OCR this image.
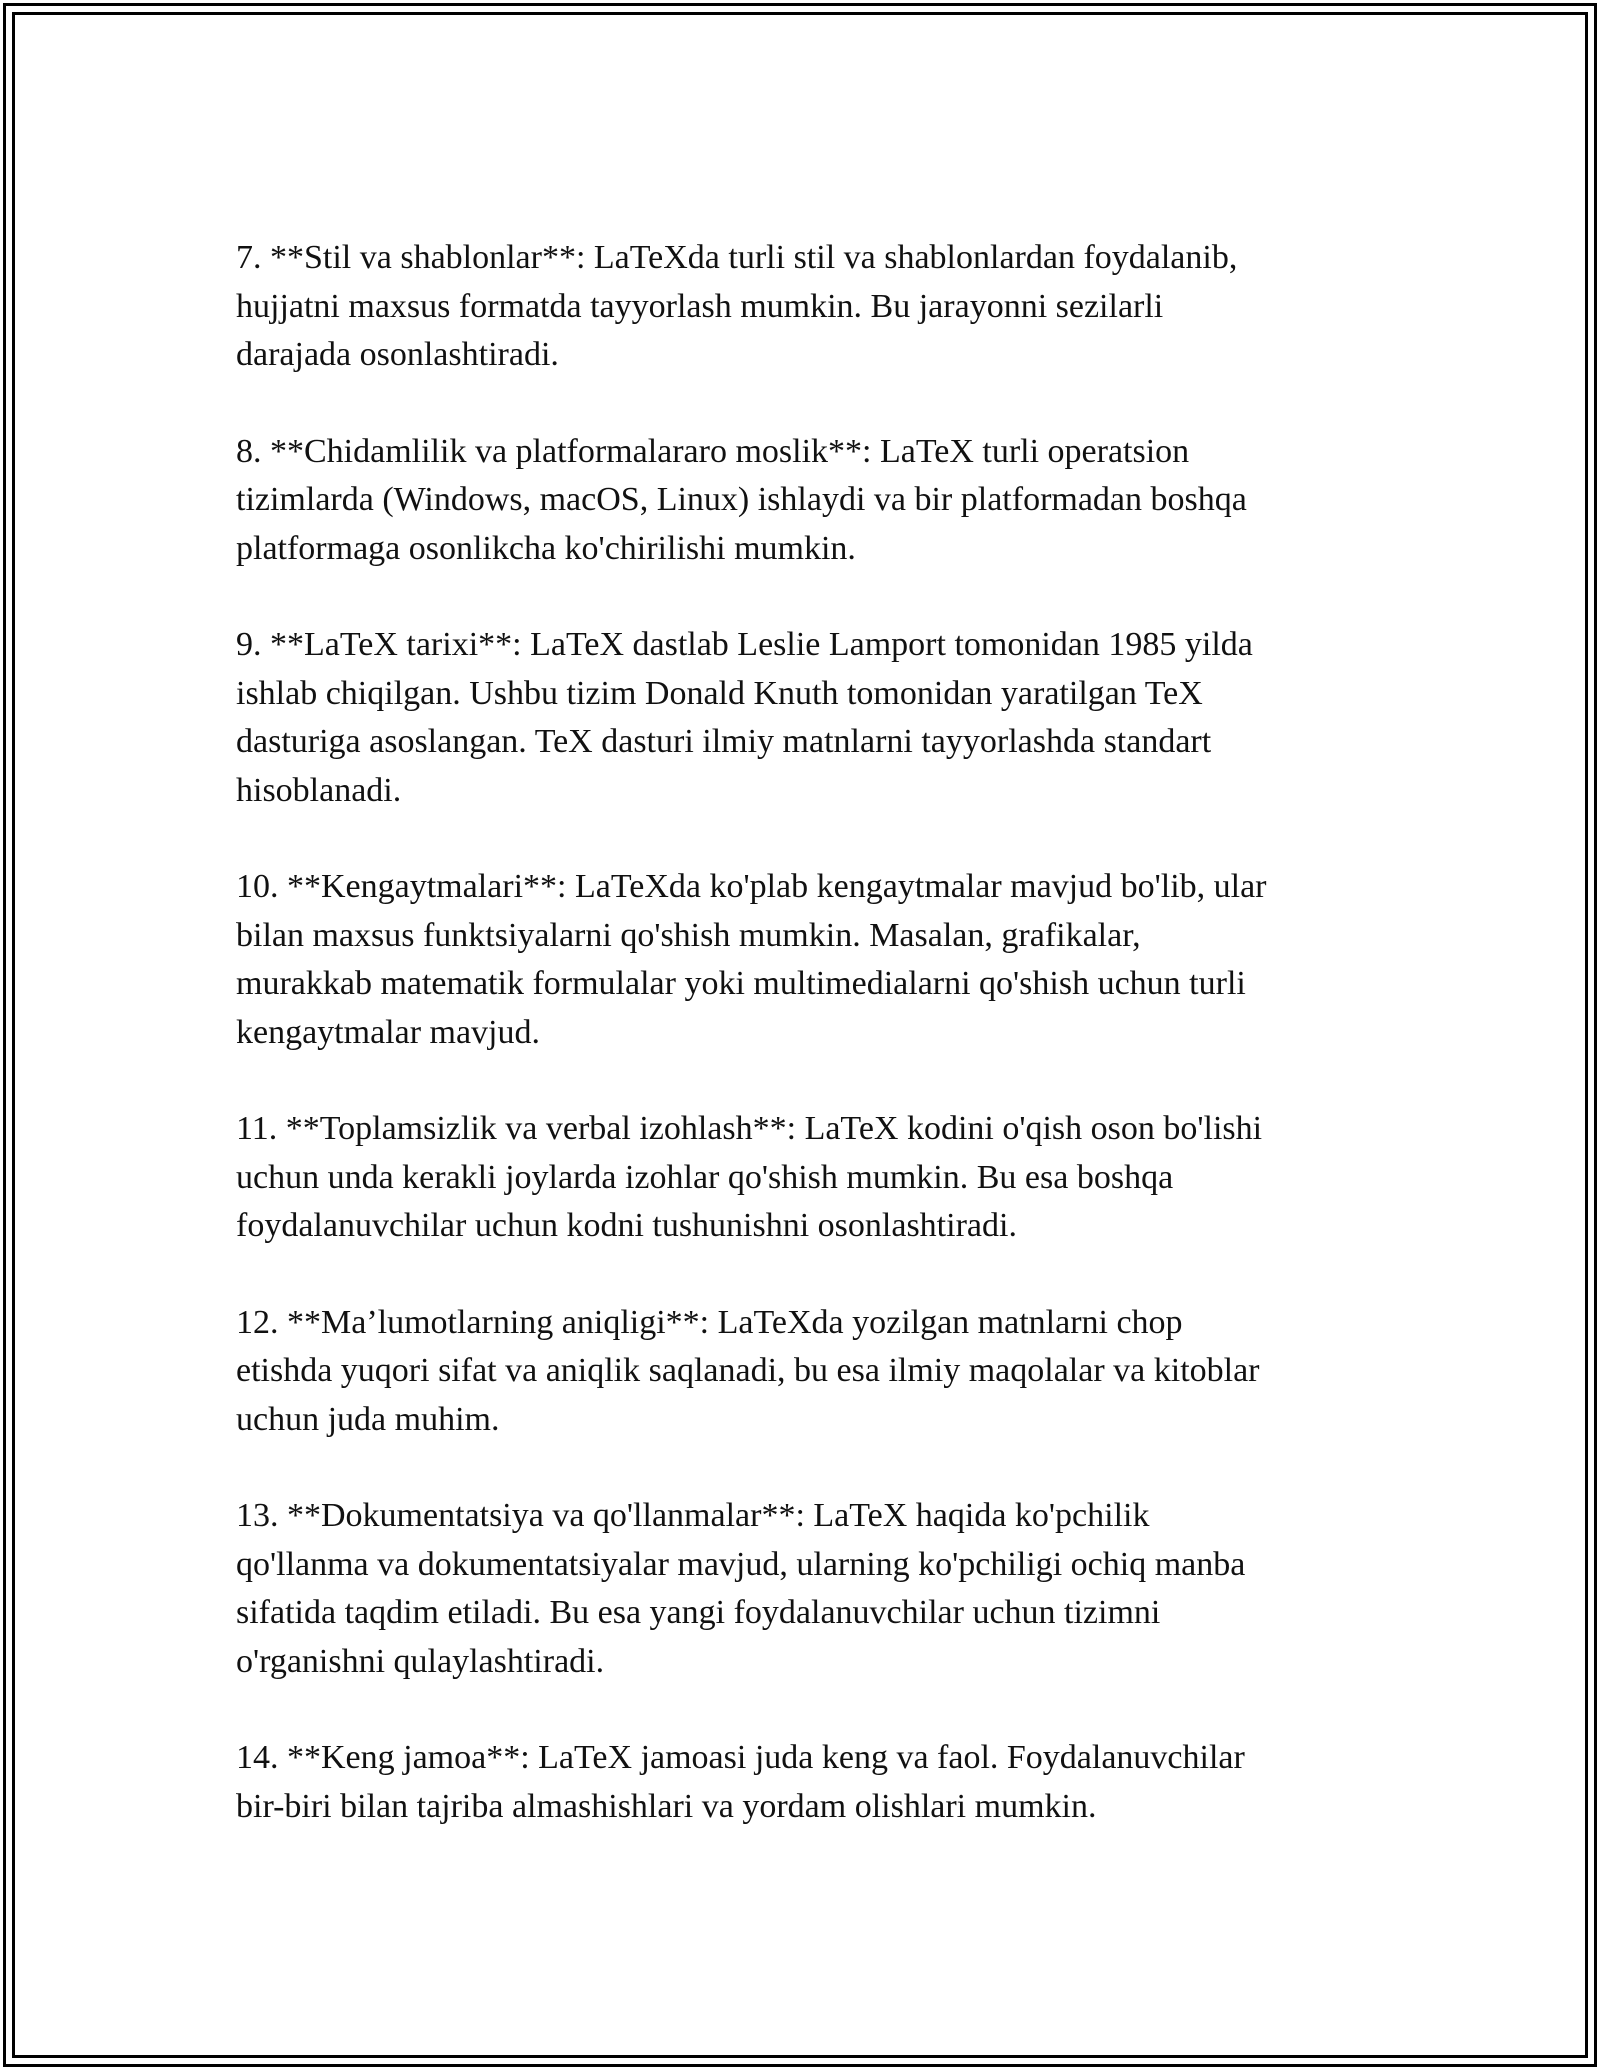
7. **Stil va shablonlar**: LaTeXda turli stil va shablonlardan foydalanib,
hujjatni maxsus formatda tayyorlash mumkin. Bu jarayonni sezilarli
darajada osonlashtiradi.

8. **Chidamlilik va platformalararo moslik**: LaTeX turli operatsion
tizimlarda (Windows, macOS, Linux) ishlaydi va bir platformadan boshqa
platformaga osonlikcha ko'chirilishi mumkin.

9. **LaTeX tarixi**: LaTeX dastlab Leslie Lamport tomonidan 1985 yilda
ishlab chiqilgan. Ushbu tizim Donald Knuth tomonidan yaratilgan TeX
dasturiga asoslangan. TeX dasturi ilmiy matnlarni tayyorlashda standart
hisoblanadi.

10. **Kengaytmalari**: LaTeXda ko'plab kengaytmalar mavjud bo'lib, ular
bilan maxsus funktsiyalarni qo'shish mumkin. Masalan, grafikalar,
murakkab matematik formulalar yoki multimedialarni qo'shish uchun turli
kengaytmalar mavjud.

11. **Toplamsizlik va verbal izohlash**: LaTeX kodini o'qish oson bo'lishi
uchun unda kerakli joylarda izohlar qo'shish mumkin. Bu esa boshqa
foydalanuvchilar uchun kodni tushunishni osonlashtiradi.

12. **Ma’lumotlarning aniqligi**: LaTeXda yozilgan matnlarni chop
etishda yuqori sifat va aniqlik saqlanadi, bu esa ilmiy maqolalar va kitoblar
uchun juda muhim.

13. **Dokumentatsiya va qo'llanmalar**: LaTeX haqida ko'pchilik
qo'llanma va dokumentatsiyalar mavjud, ularning ko'pchiligi ochiq manba
sifatida taqdim etiladi. Bu esa yangi foydalanuvchilar uchun tizimni
o'rganishni qulaylashtiradi.

14. **Keng jamoa**: LaTeX jamoasi juda keng va faol. Foydalanuvchilar
bir-biri bilan tajriba almashishlari va yordam olishlari mumkin.
